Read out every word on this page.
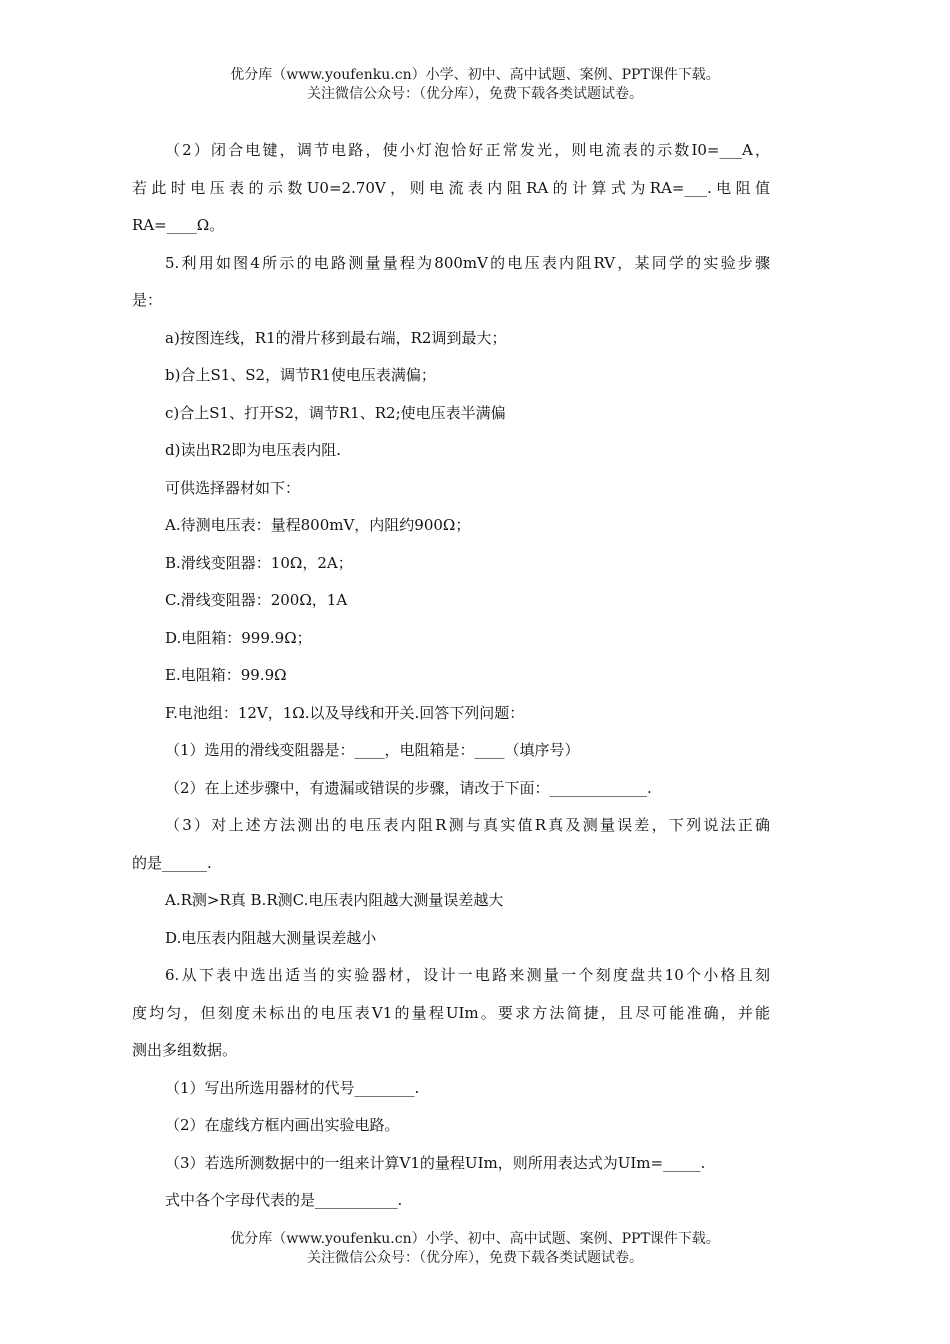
优分库（www.youfenku.cn）小学、初中、高中试题、案例、PPT课件下载。
关注微信公众号：（优分库），免费下载各类试题试卷。

（2）闭合电键，调节电路，使小灯泡恰好正常发光，则电流表的示数I0=___A，

若此时电压表的示数U0=2.70V，则电流表内阻RA的计算式为RA=___.电阻值

RA=____Ω。

5.利用如图4所示的电路测量量程为800mV的电压表内阻RV，某同学的实验步骤

是：

a)按图连线，R1的滑片移到最右端，R2调到最大；

b)合上S1、S2，调节R1使电压表满偏；

c)合上S1、打开S2，调节R1、R2;使电压表半满偏

d)读出R2即为电压表内阻.

可供选择器材如下：

A.待测电压表：量程800mV，内阻约900Ω；

B.滑线变阻器：10Ω，2A；

C.滑线变阻器：200Ω，1A

D.电阻箱：999.9Ω；

E.电阻箱：99.9Ω

F.电池组：12V，1Ω.以及导线和开关.回答下列问题：

（1）选用的滑线变阻器是：____，电阻箱是：____（填序号）

（2）在上述步骤中，有遗漏或错误的步骤，请改于下面：_____________.

（3）对上述方法测出的电压表内阻R测与真实值R真及测量误差，下列说法正确

的是______.

A.R测>R真 B.R测C.电压表内阻越大测量误差越大

D.电压表内阻越大测量误差越小

6.从下表中选出适当的实验器材，设计一电路来测量一个刻度盘共10个小格且刻

度均匀，但刻度未标出的电压表V1的量程UIm。要求方法简捷，且尽可能准确，并能

测出多组数据。

（1）写出所选用器材的代号________.

（2）在虚线方框内画出实验电路。

（3）若选所测数据中的一组来计算V1的量程UIm，则所用表达式为UIm=_____.

式中各个字母代表的是___________.

优分库（www.youfenku.cn）小学、初中、高中试题、案例、PPT课件下载。
关注微信公众号：（优分库），免费下载各类试题试卷。
